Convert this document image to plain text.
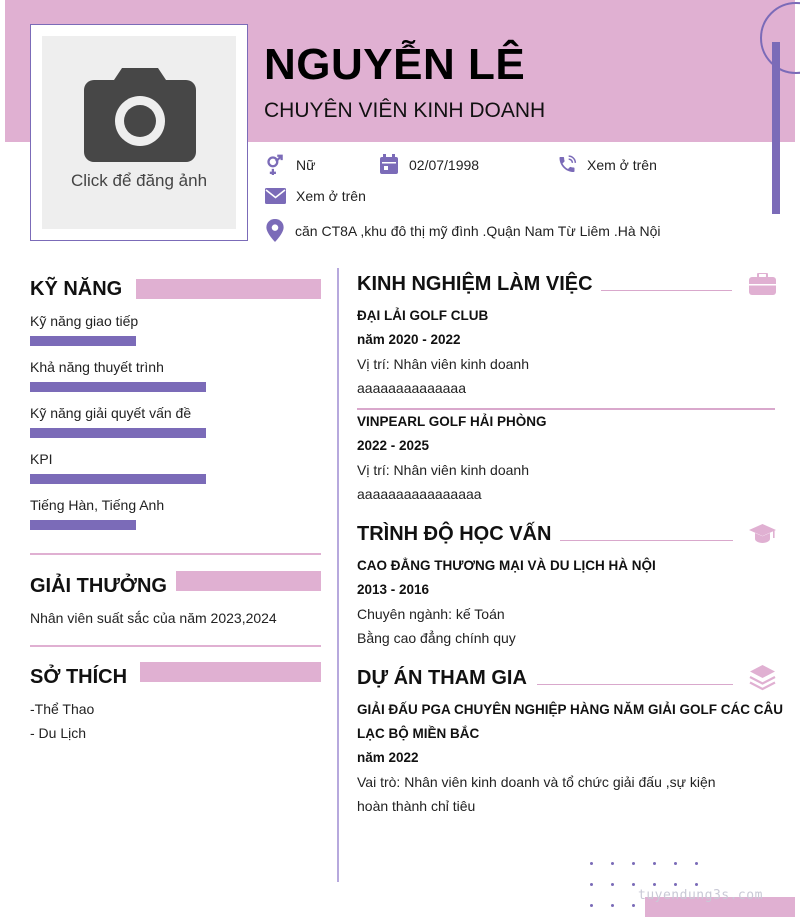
Click để đăng ảnh
NGUYỄN LÊ
CHUYÊN VIÊN KINH DOANH
Nữ	02/07/1998	Xem ở trên
Xem ở trên
căn CT8A ,khu đô thị mỹ đình .Quận Nam Từ Liêm .Hà Nội
KỸ NĂNG
Kỹ năng giao tiếp
Khả năng thuyết trình
Kỹ năng giải quyết vấn đề
KPI
Tiếng Hàn, Tiếng Anh
GIẢI THƯỞNG
Nhân viên suất sắc của năm 2023,2024
SỞ THÍCH
-Thể Thao
- Du Lịch
KINH NGHIỆM LÀM VIỆC
ĐẠI LẢI GOLF CLUB
năm 2020 - 2022
Vị trí: Nhân viên kinh doanh
aaaaaaaaaaaaaa
VINPEARL GOLF HẢI PHÒNG
2022 - 2025
Vị trí: Nhân viên kinh doanh
aaaaaaaaaaaaaaaa
TRÌNH ĐỘ HỌC VẤN
CAO ĐẲNG THƯƠNG MẠI VÀ DU LỊCH HÀ NỘI
2013 - 2016
Chuyên ngành: kế Toán
Bằng cao đẳng chính quy
DỰ ÁN THAM GIA
GIẢI ĐẤU PGA CHUYÊN NGHIỆP HÀNG NĂM GIẢI GOLF CÁC CÂU
LẠC BỘ MIỀN BẮC
năm 2022
Vai trò: Nhân viên kinh doanh và tổ chức giải đấu ,sự kiện
hoàn thành chỉ tiêu
tuyendung3s.com
